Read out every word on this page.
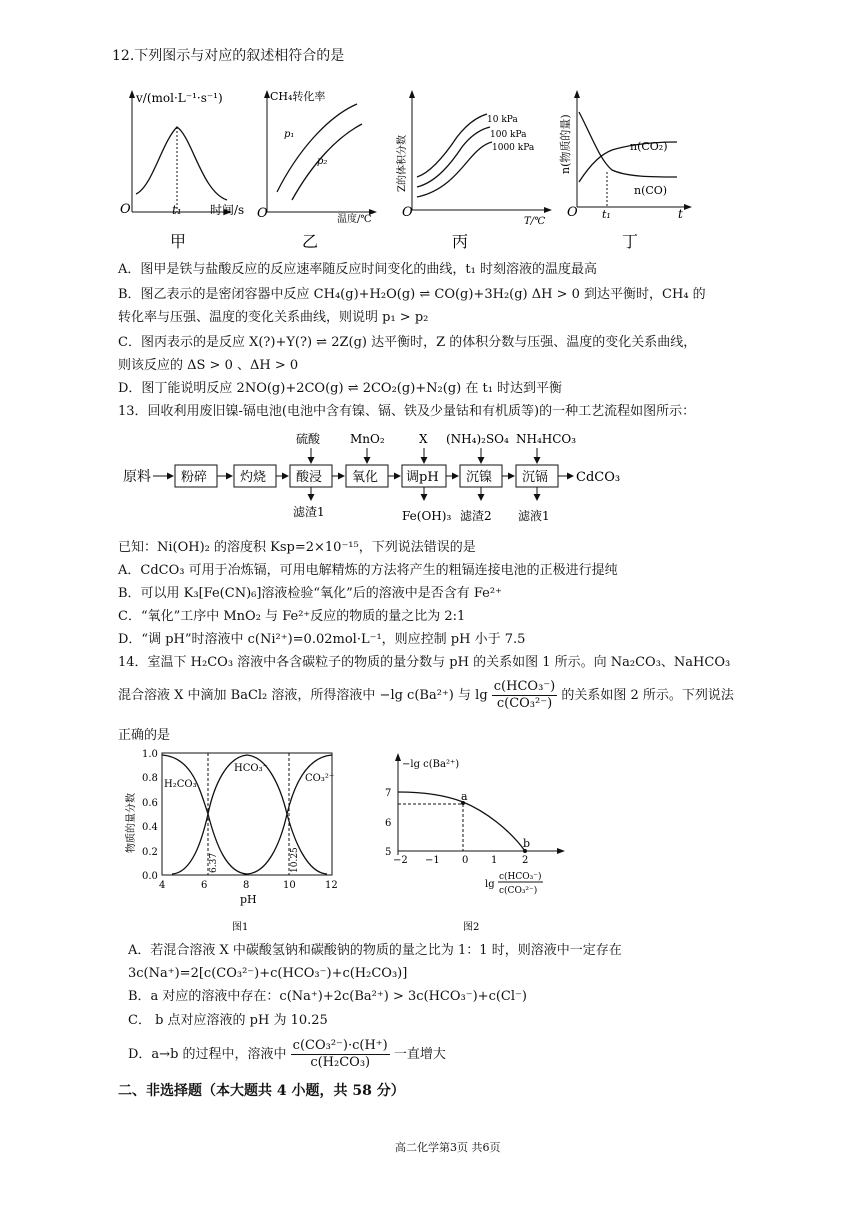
12.下列图示与对应的叙述相符合的是
v/(mol·L⁻¹·s⁻¹)
O	t₁ 时间/s
甲
CH₄转化率
p₁
p₂
O	温度/℃
乙
Z的体积分数
10 kPa
100 kPa
1000 kPa
O
T/℃
丙
n(物质的量)	n(CO₂)
n(CO)
O t₁	t
丁
A．图甲是铁与盐酸反应的反应速率随反应时间变化的曲线，t₁ 时刻溶液的温度最高
B．图乙表示的是密闭容器中反应 CH₄(g)+H₂O(g) ⇌ CO(g)+3H₂(g) ΔH > 0 到达平衡时，CH₄ 的
转化率与压强、温度的变化关系曲线，则说明 p₁ > p₂
C．图丙表示的是反应 X(?)+Y(?) ⇌ 2Z(g) 达平衡时，Z 的体积分数与压强、温度的变化关系曲线，
则该反应的 ΔS > 0 、ΔH > 0
D．图丁能说明反应 2NO(g)+2CO(g) ⇌ 2CO₂(g)+N₂(g) 在 t₁ 时达到平衡
13．回收利用废旧镍-镉电池(电池中含有镍、镉、铁及少量钴和有机质等)的一种工艺流程如图所示：
原料 粉碎	灼烧 酸浸 氧化 调pH 沉镍 沉镉 CdCO₃
硫酸 MnO₂	X (NH₄)₂SO₄ NH₄HCO₃
滤渣1	Fe(OH)₃ 滤渣2 滤液1
已知：Ni(OH)₂ 的溶度积 Ksp=2×10⁻¹⁵，下列说法错误的是
A．CdCO₃ 可用于冶炼镉，可用电解精炼的方法将产生的粗镉连接电池的正极进行提纯
B．可以用 K₃[Fe(CN)₆]溶液检验“氧化”后的溶液中是否含有 Fe²⁺
C．“氧化”工序中 MnO₂ 与 Fe²⁺反应的物质的量之比为 2:1
D．“调 pH”时溶液中 c(Ni²⁺)=0.02mol·L⁻¹，则应控制 pH 小于 7.5
14．室温下 H₂CO₃ 溶液中各含碳粒子的物质的量分数与 pH 的关系如图 1 所示。向 Na₂CO₃、NaHCO₃
混合溶液 X 中滴加 BaCl₂ 溶液，所得溶液中 −lg c(Ba²⁺) 与 $\lg \frac{\text{c(HCO₃⁻)}}{\text{c(CO₃²⁻)}}$ 的关系如图 2 所示。下列说法
正确的是
1.0
0.8
0.6
0.4
0.2
0.0
4	6	8	10	12
pH
物质的量分数
H₂CO₃
HCO₃⁻
CO₃²⁻
6.37	10.25
图1
−lg c(Ba²⁺)
7
6
5
−2 −1 0 1 2
a
b
lg
c(HCO₃⁻)
c(CO₃²⁻)
图2
A．若混合溶液 X 中碳酸氢钠和碳酸钠的物质的量之比为 1：1 时，则溶液中一定存在
3c(Na⁺)=2[c(CO₃²⁻)+c(HCO₃⁻)+c(H₂CO₃)]
B．a 对应的溶液中存在：c(Na⁺)+2c(Ba²⁺) > 3c(HCO₃⁻)+c(Cl⁻)
C． b 点对应溶液的 pH 为 10.25
D．a→b 的过程中，溶液中 $\frac{\text{c(CO₃²⁻)·c(H⁺)}}{\text{c(H₂CO₃)}}$ 一直增大
二、非选择题（本大题共 4 小题，共 58 分）
高二化学第3页 共6页
